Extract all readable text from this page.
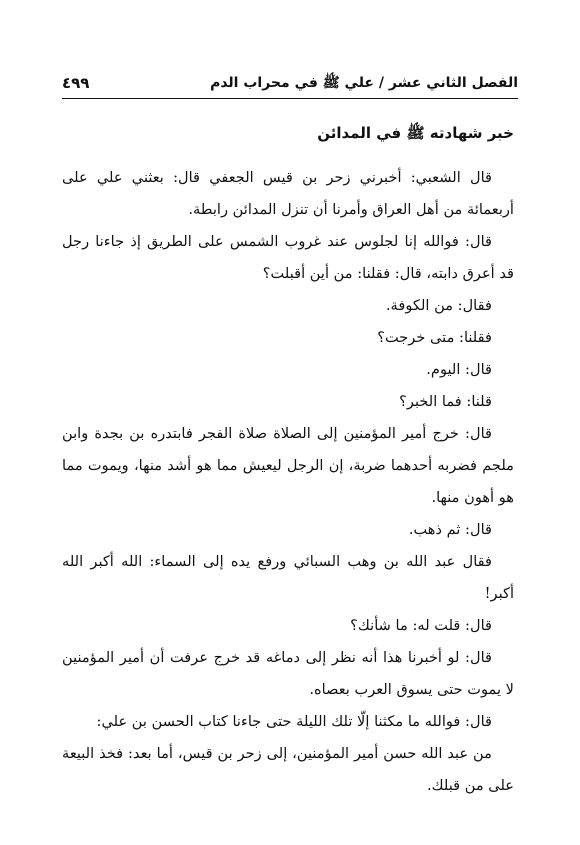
٤٩٩	الفصل الثاني عشر / علي ﷺ في محراب الدم
خبر شهادته ﷺ في المدائن

قال الشعبي: أخبرني زحر بن قيس الجعفي قال: بعثني علي على أربعمائة من أهل العراق وأمرنا أن تنزل المدائن رابطة.

قال: فوالله إنا لجلوس عند غروب الشمس على الطريق إذ جاءنا رجل قد أعرق دابته، قال: فقلنا: من أين أقبلت؟

فقال: من الكوفة.

فقلنا: متى خرجت؟

قال: اليوم.

قلنا: فما الخبر؟

قال: خرج أمير المؤمنين إلى الصلاة صلاة الفجر فابتدره بن بجدة وابن ملجم فضربه أحدهما ضربة، إن الرجل ليعيش مما هو أشد منها، ويموت مما هو أهون منها.

قال: ثم ذهب.

فقال عبد الله بن وهب السبائي ورفع يده إلى السماء: الله أكبر الله أكبر!

قال: قلت له: ما شأنك؟

قال: لو أخبرنا هذا أنه نظر إلى دماغه قد خرج عرفت أن أمير المؤمنين لا يموت حتى يسوق العرب بعصاه.

قال: فوالله ما مكثنا إلّا تلك الليلة حتى جاءنا كتاب الحسن بن علي:

من عبد الله حسن أمير المؤمنين، إلى زحر بن قيس، أما بعد: فخذ البيعة على من قبلك.
